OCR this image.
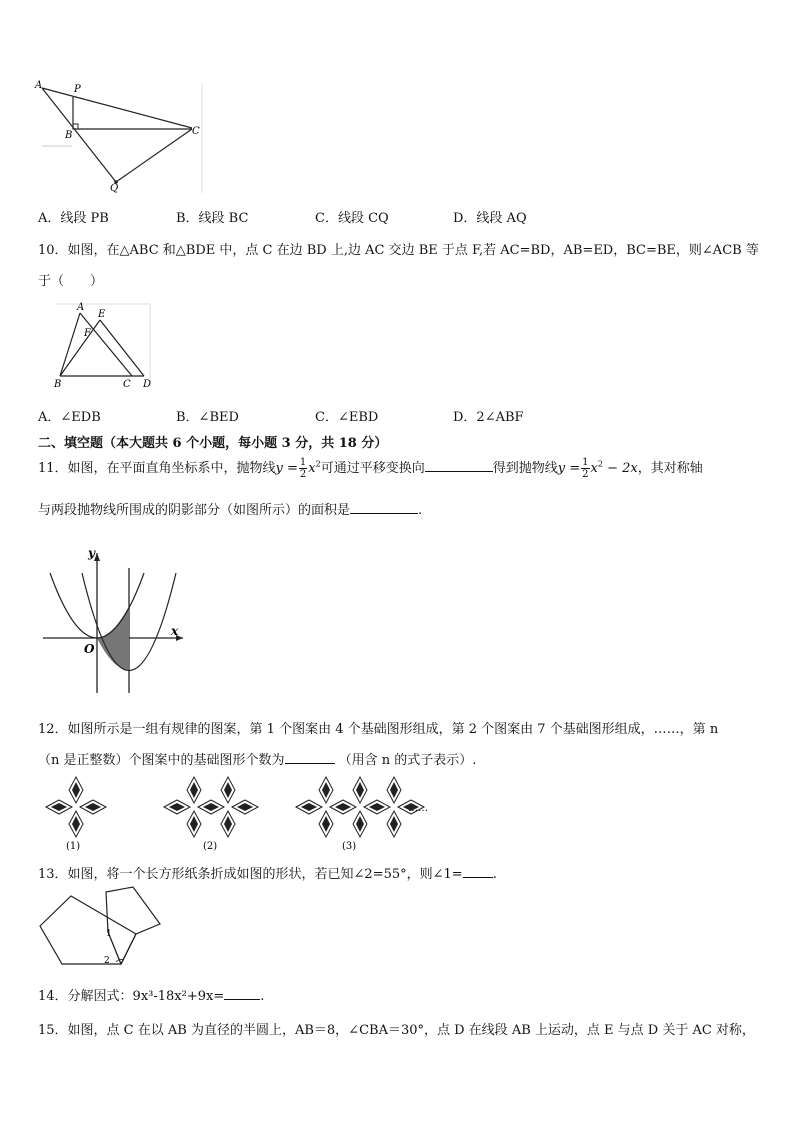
A	P
B	C
Q
A．线段 PB	B．线段 BC	C．线段 CQ	D．线段 AQ
10．如图，在△ABC 和△BDE 中，点 C 在边 BD 上,边 AC 交边 BE 于点 F,若 AC=BD，AB=ED，BC=BE，则∠ACB 等
于（　　）
A
E
F
B	C D
A．∠EDB	B．∠BED	C．∠EBD	D．2∠ABF
二、填空题（本大题共 6 个小题，每小题 3 分，共 18 分）
11．如图，在平面直角坐标系中，抛物线$y = \frac{1}{2} x^2$可通过平移变换向	得到抛物线$y = \frac{1}{2} x^2 - 2x$，其对称轴
与两段抛物线所围成的阴影部分（如图所示）的面积是	.
y
x
O
12．如图所示是一组有规律的图案，第 1 个图案由 4 个基础图形组成，第 2 个图案由 7 个基础图形组成，……，第 n
（n 是正整数）个图案中的基础图形个数为	（用含 n 的式子表示）.
(1)	(2)	(3)
……
13．如图，将一个长方形纸条折成如图的形状，若已知∠2=55°，则∠1= .
1
2
14．分解因式：9x³-18x²+9x=	.
15．如图，点 C 在以 AB 为直径的半圆上，AB＝8，∠CBA＝30°，点 D 在线段 AB 上运动，点 E 与点 D 关于 AC 对称，
